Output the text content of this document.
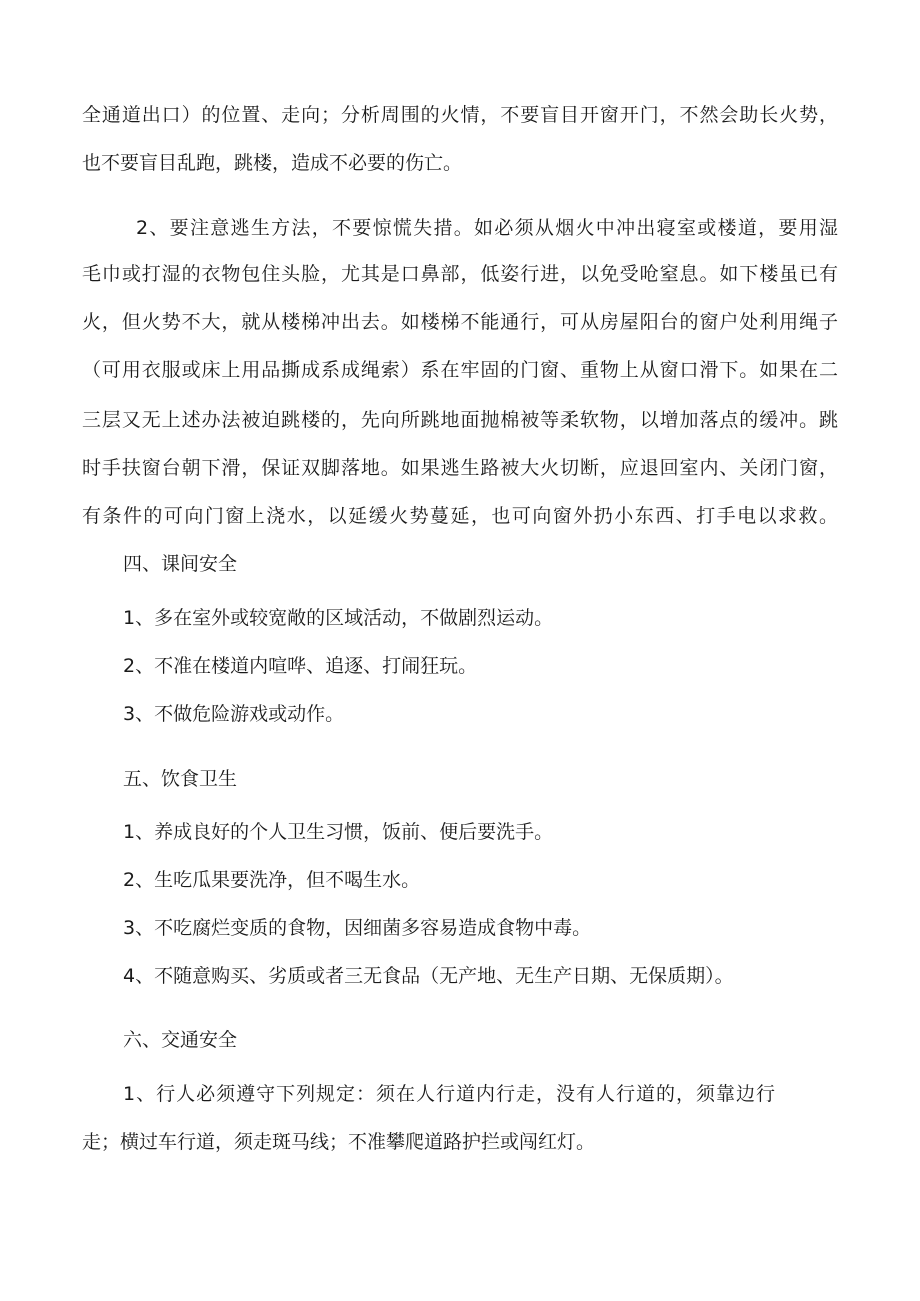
全通道出口）的位置、走向；分析周围的火情，不要盲目开窗开门，不然会助长火势，
也不要盲目乱跑，跳楼，造成不必要的伤亡。
2、要注意逃生方法，不要惊慌失措。如必须从烟火中冲出寝室或楼道，要用湿
毛巾或打湿的衣物包住头脸，尤其是口鼻部，低姿行进，以免受呛窒息。如下楼虽已有
火，但火势不大，就从楼梯冲出去。如楼梯不能通行，可从房屋阳台的窗户处利用绳子
（可用衣服或床上用品撕成系成绳索）系在牢固的门窗、重物上从窗口滑下。如果在二
三层又无上述办法被迫跳楼的，先向所跳地面抛棉被等柔软物，以增加落点的缓冲。跳
时手扶窗台朝下滑，保证双脚落地。如果逃生路被大火切断，应退回室内、关闭门窗，
有条件的可向门窗上浇水，以延缓火势蔓延，也可向窗外扔小东西、打手电以求救。
四、课间安全
1、多在室外或较宽敞的区域活动，不做剧烈运动。
2、不准在楼道内喧哗、追逐、打闹狂玩。
3、不做危险游戏或动作。
五、饮食卫生
1、养成良好的个人卫生习惯，饭前、便后要洗手。
2、生吃瓜果要洗净，但不喝生水。
3、不吃腐烂变质的食物，因细菌多容易造成食物中毒。
4、不随意购买、劣质或者三无食品（无产地、无生产日期、无保质期）。
六、交通安全
1、行人必须遵守下列规定：须在人行道内行走，没有人行道的，须靠边行
走；横过车行道，须走斑马线；不准攀爬道路护拦或闯红灯。
